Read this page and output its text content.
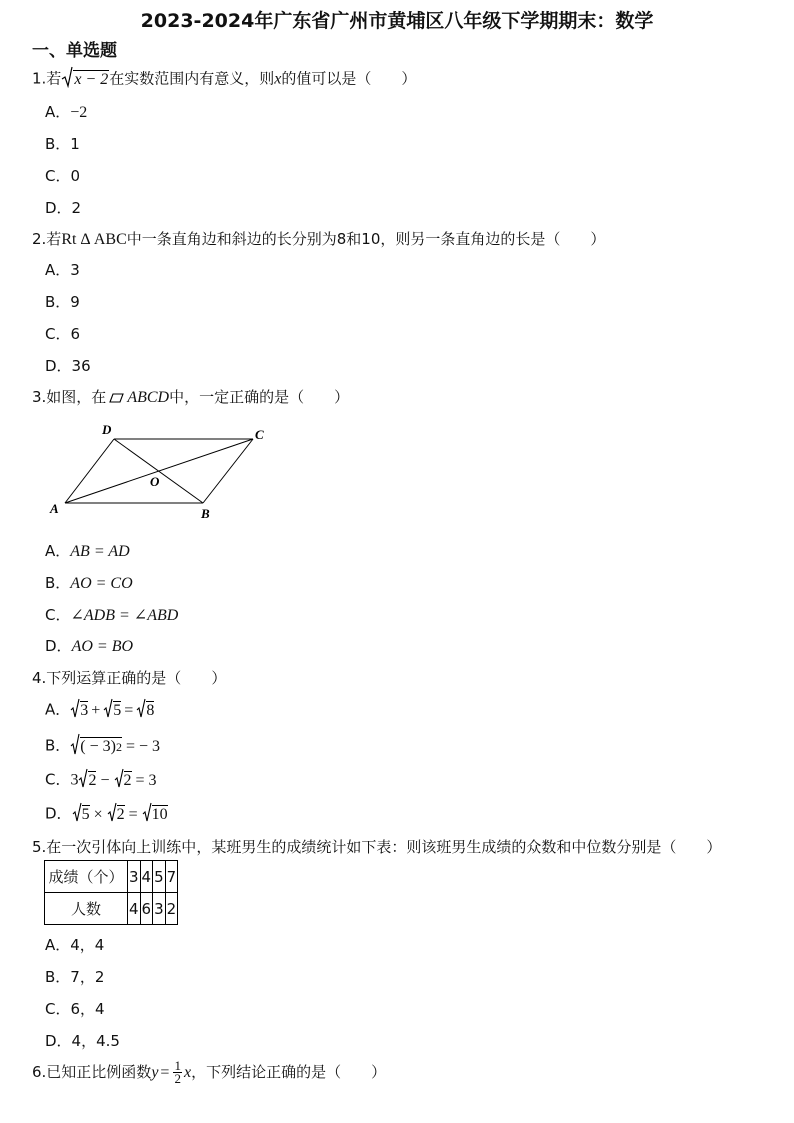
2023-2024年广东省广州市黄埔区八年级下学期期末：数学
一、单选题
1.若 x − 2在实数范围内有意义，则x的值可以是（　　）
A．−2
B．1
C．0
D．2
2.若Rt Δ ABC中一条直角边和斜边的长分别为8和10，则另一条直角边的长是（　　）
A．3
B．9
C．6
D．36
3.如图，在 ABCD中，一定正确的是（　　）
D	C
O
A	B
A．AB = AD
B．AO = CO
C．∠ADB = ∠ABD
D．AO = BO
4.下列运算正确的是（　　）
A． 3 + 5 = 8
B． ( − 3)2 = − 3
C．3 2 − 2 = 3
D． 5 × 2 = 10
5.在一次引体向上训练中，某班男生的成绩统计如下表：则该班男生成绩的众数和中位数分别是（　　）
成绩（个）	3	4	5	7
人数	4	6	3	2
A．4，4
B．7，2
C．6，4
D．4，4.5
6.已知正比例函数$y = \frac{1}{2}$ x，下列结论正确的是（　　）
